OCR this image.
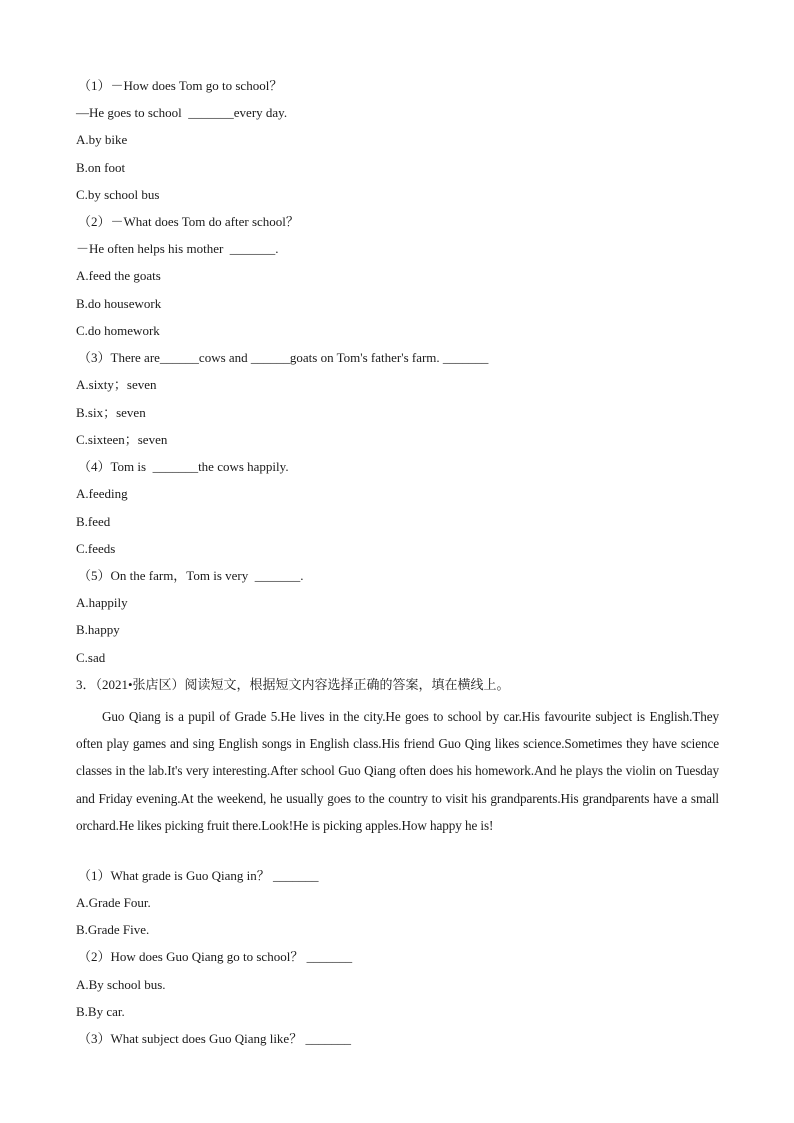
（1）－How does Tom go to school？
—He goes to school  _______every day.
A.by bike
B.on foot
C.by school bus
（2）－What does Tom do after school？
－He often helps his mother  _______.
A.feed the goats
B.do housework
C.do homework
（3）There are______cows and ______goats on Tom's father's farm. _______
A.sixty；seven
B.six；seven
C.sixteen；seven
（4）Tom is  _______the cows happily.
A.feeding
B.feed
C.feeds
（5）On the farm，Tom is very  _______.
A.happily
B.happy
C.sad
3．（2021•张店区）阅读短文，根据短文内容选择正确的答案，填在横线上。
Guo Qiang is a pupil of Grade 5.He lives in the city.He goes to school by car.His favourite subject is English.They often play games and sing English songs in English class.His friend Guo Qing likes science.Sometimes they have science classes in the lab.It's very interesting.After school Guo Qiang often does his homework.And he plays the violin on Tuesday and Friday evening.At the weekend, he usually goes to the country to visit his grandparents.His grandparents have a small orchard.He likes picking fruit there.Look!He is picking apples.How happy he is!
（1）What grade is Guo Qiang in？ _______
A.Grade Four.
B.Grade Five.
（2）How does Guo Qiang go to school？ _______
A.By school bus.
B.By car.
（3）What subject does Guo Qiang like？ _______
